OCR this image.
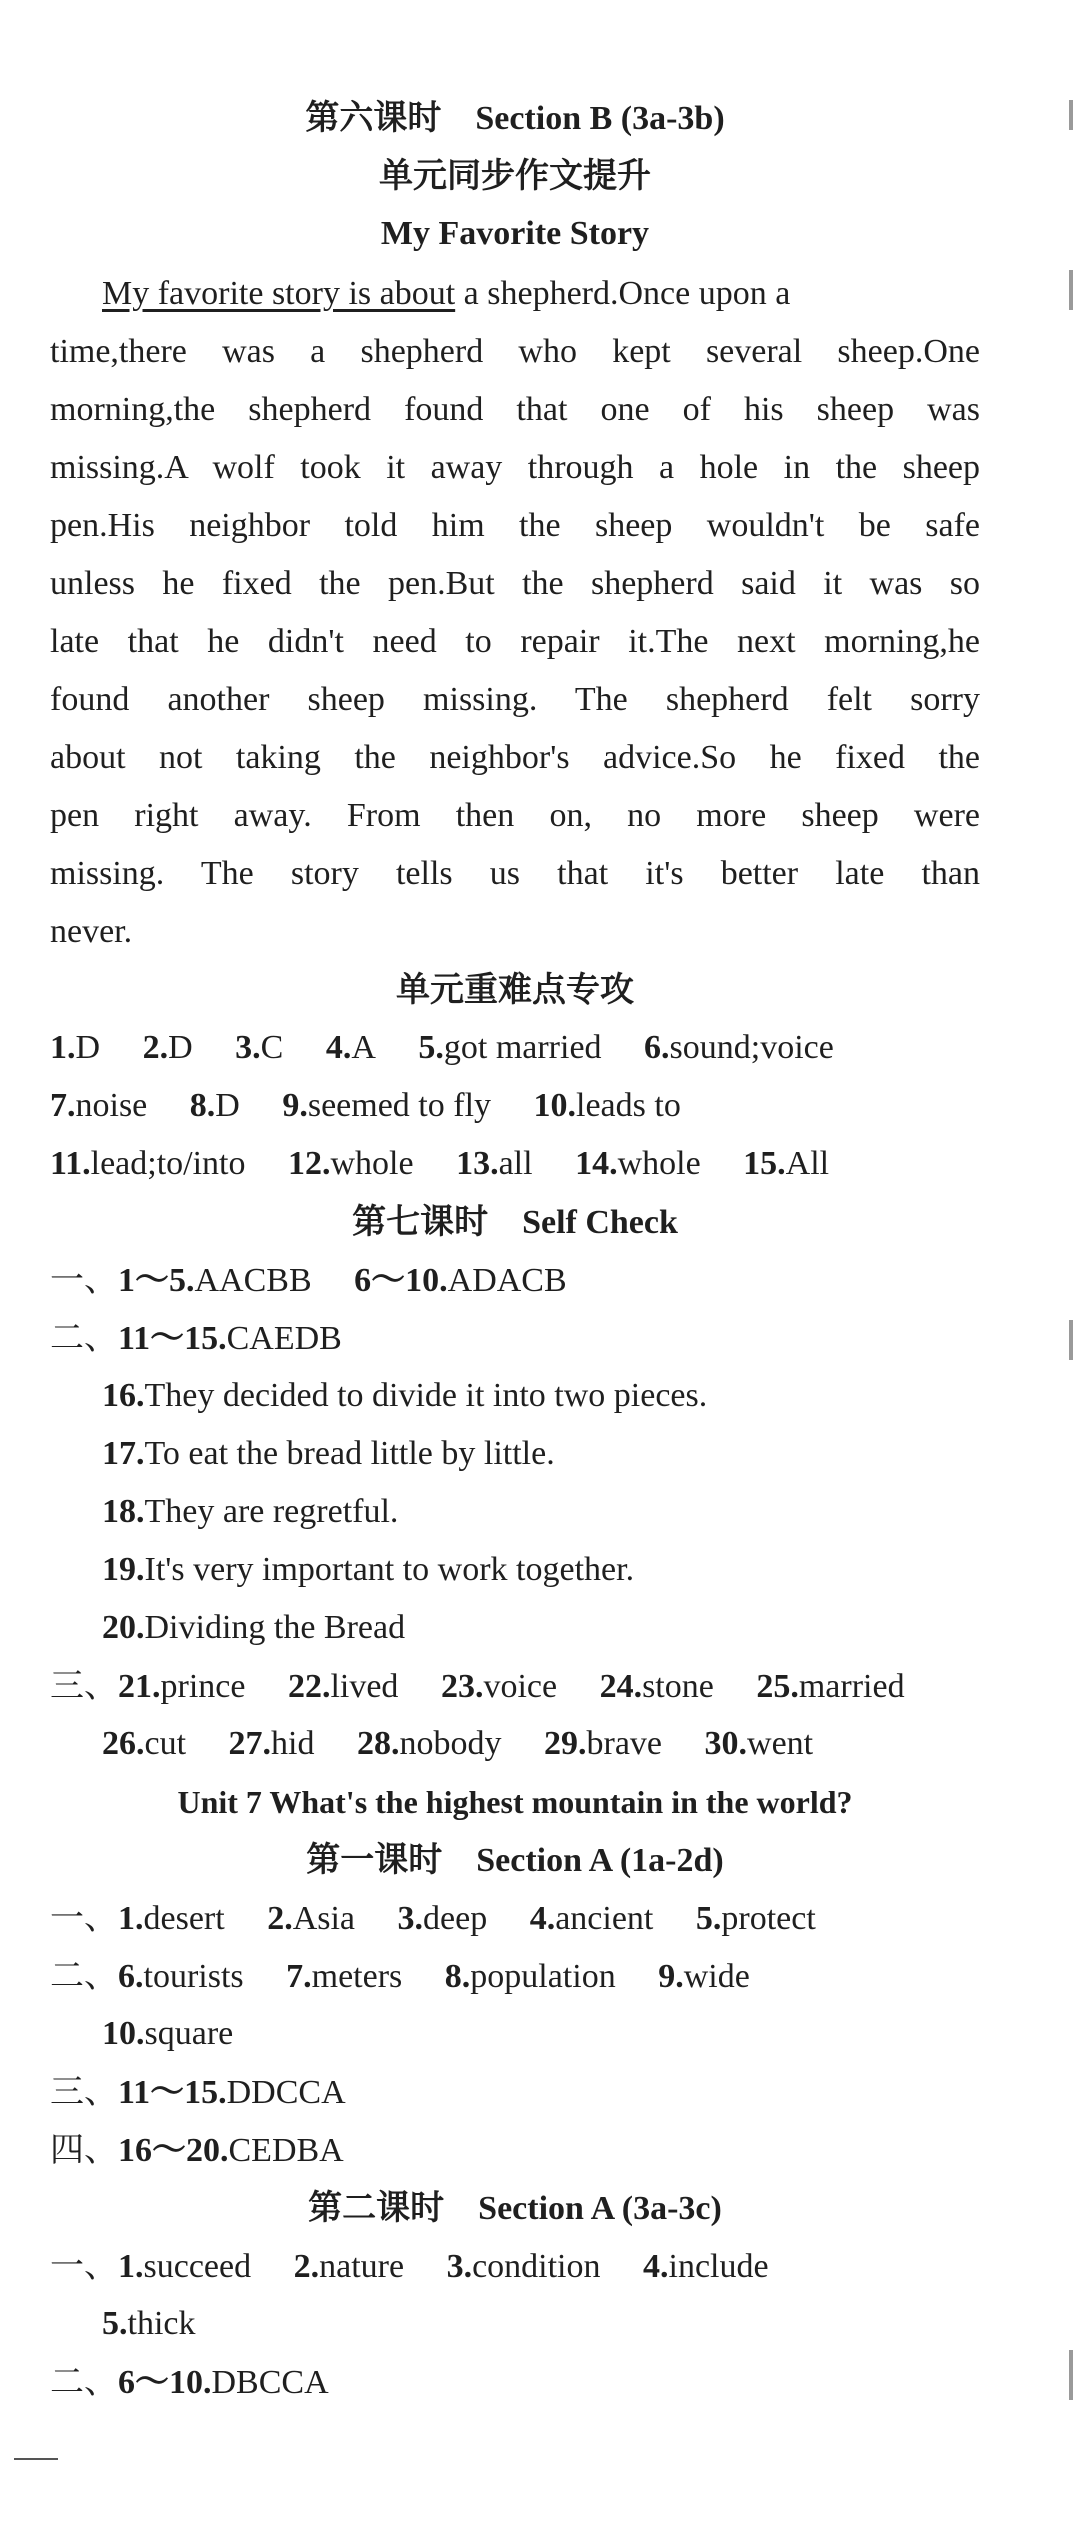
第六课时 Section B (3a-3b)
单元同步作文提升
My Favorite Story
My favorite story is about a shepherd.Once upon a
time,there was a shepherd who kept several sheep.One
morning,the shepherd found that one of his sheep was
missing.A wolf took it away through a hole in the sheep
pen.His neighbor told him the sheep wouldn't be safe
unless he fixed the pen.But the shepherd said it was so
late that he didn't need to repair it.The next morning,he
found another sheep missing. The shepherd felt sorry
about not taking the neighbor's advice.So he fixed the
pen right away. From then on, no more sheep were
missing. The story tells us that it's better late than
never.
单元重难点专攻
1.D 2.D 3.C 4.A 5.got married 6.sound;voice
7.noise 8.D 9.seemed to fly 10.leads to
11.lead;to/into 12.whole 13.all 14.whole 15.All
第七课时 Self Check
一、1～5.AACBB 6～10.ADACB
二、11～15.CAEDB
16.They decided to divide it into two pieces.
17.To eat the bread little by little.
18.They are regretful.
19.It's very important to work together.
20.Dividing the Bread
三、21.prince 22.lived 23.voice 24.stone 25.married
26.cut 27.hid 28.nobody 29.brave 30.went
Unit 7 What's the highest mountain in the world?
第一课时 Section A (1a-2d)
一、1.desert 2.Asia 3.deep 4.ancient 5.protect
二、6.tourists 7.meters 8.population 9.wide
10.square
三、11～15.DDCCA
四、16～20.CEDBA
第二课时 Section A (3a-3c)
一、1.succeed 2.nature 3.condition 4.include
5.thick
二、6～10.DBCCA
